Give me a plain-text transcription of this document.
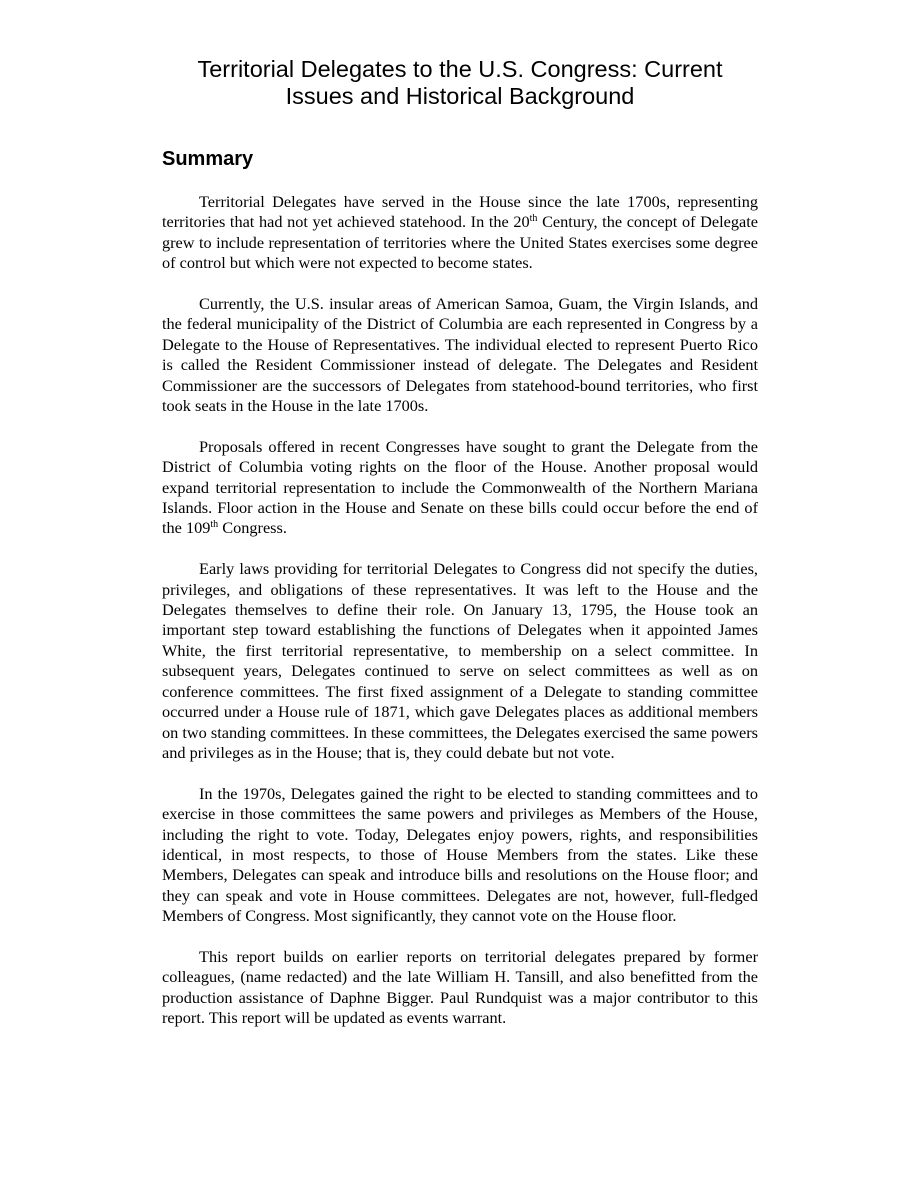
Territorial Delegates to the U.S. Congress: Current
Issues and Historical Background
Summary

Territorial Delegates have served in the House since the late 1700s, representing territories that had not yet achieved statehood. In the 20th Century, the concept of Delegate grew to include representation of territories where the United States exercises some degree of control but which were not expected to become states.

Currently, the U.S. insular areas of American Samoa, Guam, the Virgin Islands, and the federal municipality of the District of Columbia are each represented in Congress by a Delegate to the House of Representatives. The individual elected to represent Puerto Rico is called the Resident Commissioner instead of delegate. The Delegates and Resident Commissioner are the successors of Delegates from statehood-bound territories, who first took seats in the House in the late 1700s.

Proposals offered in recent Congresses have sought to grant the Delegate from the District of Columbia voting rights on the floor of the House. Another proposal would expand territorial representation to include the Commonwealth of the Northern Mariana Islands. Floor action in the House and Senate on these bills could occur before the end of the 109th Congress.

Early laws providing for territorial Delegates to Congress did not specify the duties, privileges, and obligations of these representatives. It was left to the House and the Delegates themselves to define their role. On January 13, 1795, the House took an important step toward establishing the functions of Delegates when it appointed James White, the first territorial representative, to membership on a select committee. In subsequent years, Delegates continued to serve on select committees as well as on conference committees. The first fixed assignment of a Delegate to standing committee occurred under a House rule of 1871, which gave Delegates places as additional members on two standing committees. In these committees, the Delegates exercised the same powers and privileges as in the House; that is, they could debate but not vote.

In the 1970s, Delegates gained the right to be elected to standing committees and to exercise in those committees the same powers and privileges as Members of the House, including the right to vote. Today, Delegates enjoy powers, rights, and responsibilities identical, in most respects, to those of House Members from the states. Like these Members, Delegates can speak and introduce bills and resolutions on the House floor; and they can speak and vote in House committees. Delegates are not, however, full-fledged Members of Congress. Most significantly, they cannot vote on the House floor.

This report builds on earlier reports on territorial delegates prepared by former colleagues, (name redacted) and the late William H. Tansill, and also benefitted from the production assistance of Daphne Bigger. Paul Rundquist was a major contributor to this report. This report will be updated as events warrant.
